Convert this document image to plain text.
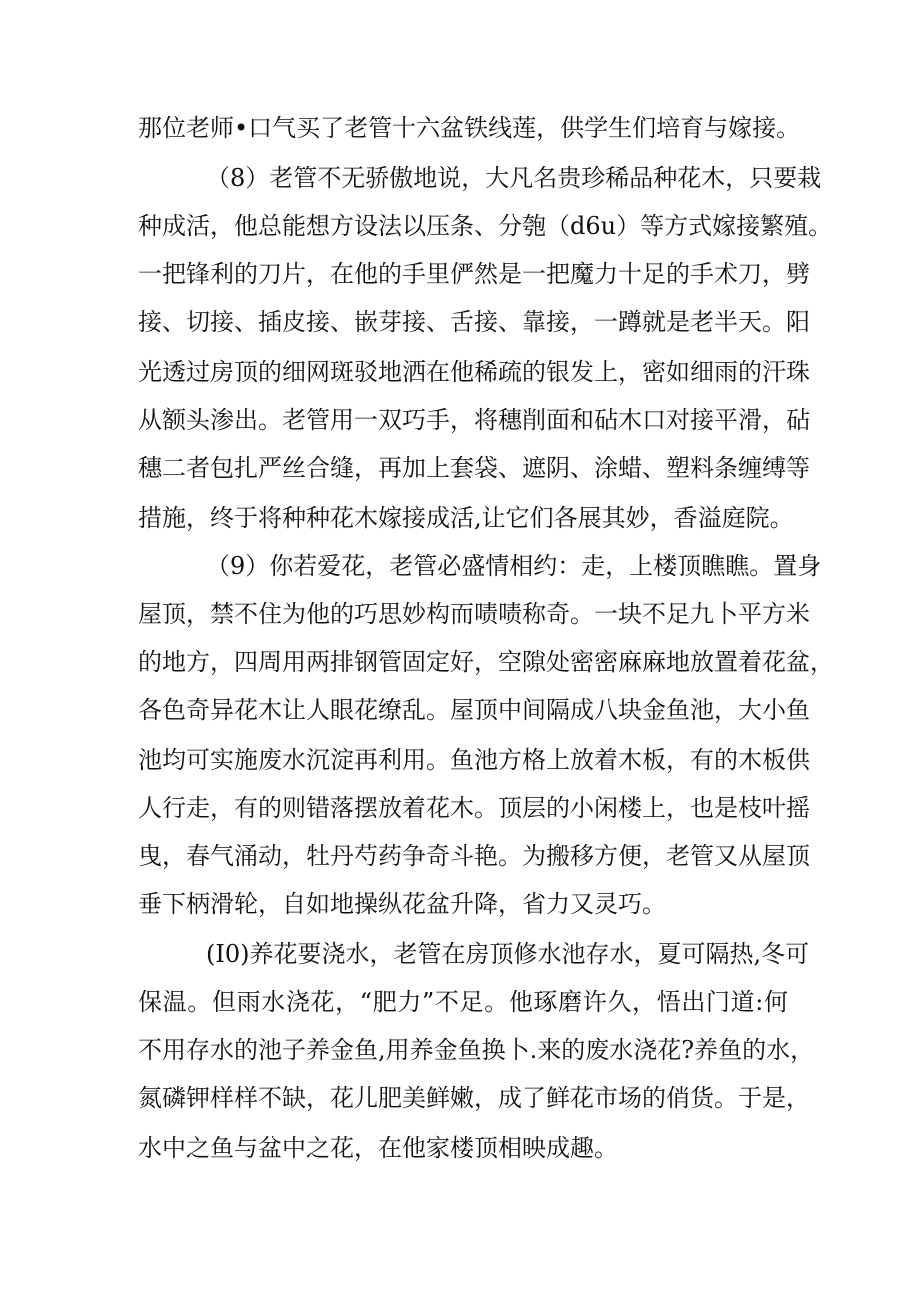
那位老师•口气买了老管十六盆铁线莲，供学生们培育与嫁接。
（8）老管不无骄傲地说，大凡名贵珍稀品种花木，只要栽
种成活，他总能想方设法以压条、分匏（d6u）等方式嫁接繁殖。
一把锋利的刀片，在他的手里俨然是一把魔力十足的手术刀，劈
接、切接、插皮接、嵌芽接、舌接、靠接，一蹲就是老半天。阳
光透过房顶的细网斑驳地洒在他稀疏的银发上，密如细雨的汗珠
从额头渗出。老管用一双巧手，将穗削面和砧木口对接平滑，砧
穗二者包扎严丝合缝，再加上套袋、遮阴、涂蜡、塑料条缠缚等
措施，终于将种种花木嫁接成活,让它们各展其妙，香溢庭院。
（9）你若爱花，老管必盛情相约：走，上楼顶瞧瞧。置身
屋顶，禁不住为他的巧思妙构而啧啧称奇。一块不足九卜平方米
的地方，四周用两排钢管固定好，空隙处密密麻麻地放置着花盆，
各色奇异花木让人眼花缭乱。屋顶中间隔成八块金鱼池，大小鱼
池均可实施废水沉淀再利用。鱼池方格上放着木板，有的木板供
人行走，有的则错落摆放着花木。顶层的小闲楼上，也是枝叶摇
曳，春气涌动，牡丹芍药争奇斗艳。为搬移方便，老管又从屋顶
垂下柄滑轮，自如地操纵花盆升降，省力又灵巧。
(I0)养花要浇水，老管在房顶修水池存水，夏可隔热,冬可
保温。但雨水浇花，“肥力”不足。他琢磨许久，悟出门道:何
不用存水的池子养金鱼,用养金鱼换卜.来的废水浇花?养鱼的水，
氮磷钾样样不缺，花儿肥美鲜嫩，成了鲜花市场的俏货。于是，
水中之鱼与盆中之花，在他家楼顶相映成趣。
